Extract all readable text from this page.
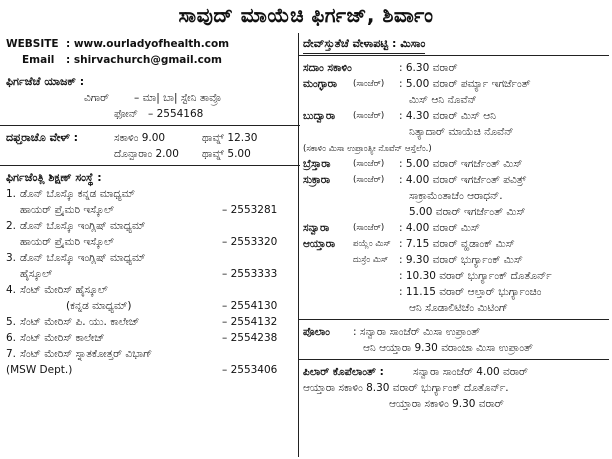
ಸಾವುದ್ ಮಾಯೆಚಿ ಫಿರ್ಗಜ್, ಶಿರ್ವಾಂ
WEBSITE : www.ourladyofhealth.com
Email : shirvachurch@gmail.com
ಫಿರ್ಗಜೆಚೆ ಯಾಜಕ್ :
ವಿಗಾರ್ – ಮಾ| ಬಾ| ಸ್ಟೇನಿ ತಾವ್ರೊ
ಫೋನ್ – 2554168
ದಫ್ತರಾಚೊ ವೇಳ್ :	ಸಕಾಳಿಂ 9.00	ಥಾವ್ನ್ 12.30
ದೊನ್ಪಾರಾಂ 2.00 ಥಾವ್ನ್ 5.00
ಫಿರ್ಗಜೆಂತ್ಲಿ ಶಿಕ್ಷಣ್ ಸಂಸ್ಥೆ :
1. ಡೊನ್ ಬೊಸ್ಕೊ ಕನ್ನಡ ಮಾಧ್ಯಮ್
ಹಾಯರ್ ಪ್ರೈಮರಿ ಇಸ್ಕೊಲ್	– 2553281
2. ಡೊನ್ ಬೊಸ್ಕೊ ಇಂಗ್ಲಿಷ್ ಮಾಧ್ಯಮ್
ಹಾಯರ್ ಪ್ರೈಮರಿ ಇಸ್ಕೊಲ್	– 2553320
3. ಡೊನ್ ಬೊಸ್ಕೊ ಇಂಗ್ಲಿಷ್ ಮಾಧ್ಯಮ್
ಹೈಸ್ಕೂಲ್	– 2553333
4. ಸೆಂಟ್ ಮೇರಿಸ್ ಹೈಸ್ಕೂಲ್
(ಕನ್ನಡ ಮಾಧ್ಯಮ್)	– 2554130
5. ಸೆಂಟ್ ಮೇರಿಸ್ ಪಿ. ಯು. ಕಾಲೇಜ್	– 2554132
6. ಸೆಂಟ್ ಮೇರಿಸ್ ಕಾಲೇಜ್	– 2554238
7. ಸೆಂಟ್ ಮೇರಿಸ್ ಸ್ನಾತಕೋತ್ತರ್ ವಿಭಾಗ್
(MSW Dept.)	– 2553406
ದೇವ್‌ಸ್ತುತೆಚೆ ವೇಳಾಪಟ್ಟಿ : ಮಿಸಾಂ
ಸದಾಂ ಸಕಾಳಿಂ	: 6.30 ವರಾರ್
ಮಂಗ್ಳಾರಾ (ಸಾಂಜೆರ್) : 5.00 ವರಾರ್ ಪರ್ಮ್ಯಾ ಇಗರ್ಜೆಂತ್
ಮಿಸ್ ಆನಿ ನೊವೆನ್
ಬುದ್ವಾರಾ (ಸಾಂಜೆರ್) : 4.30 ವರಾರ್ ಮಿಸ್ ಆನಿ
ನಿತ್ಯಾದಾರ್ ಮಾಯೆಚಿ ನೊವೆನ್
(ಸಕಾಳಿಂ ಮಿಸಾ ಉಪ್ರಾಂತ್ಯೀ ನೊವೆನ್ ಆಸ್ತೆಲೆಂ.)
ಬ್ರೆಸ್ತಾರಾ	(ಸಾಂಜೆರ್) : 5.00 ವರಾರ್ ಇಗರ್ಜೆಂತ್ ಮಿಸ್
ಸುಕ್ರಾರಾ	(ಸಾಂಜೆರ್) : 4.00 ವರಾರ್ ಇಗರ್ಜೆಂತ್ ಪವಿತ್ರ್
ಸಾಕ್ರಾಮೆಂತಾಚೆಂ ಆರಾಧನ್.
5.00 ವರಾರ್ ಇಗರ್ಜೆಂತ್ ಮಿಸ್
ಸನ್ವಾರಾ	(ಸಾಂಜೆರ್) : 4.00 ವರಾರ್ ಮಿಸ್
ಆಯ್ತಾರಾ ಪಯ್ಲೆಂ ಮಿಸ್ : 7.15 ವರಾರ್ ವ್ಹಡಾಂಕ್ ಮಿಸ್
ದುಸ್ರೆಂ ಮಿಸ್ : 9.30 ವರಾರ್ ಭುರ್ಗ್ಯಾಂಕ್ ಮಿಸ್
: 10.30 ವರಾರ್ ಭುರ್ಗ್ಯಾಂಕ್ ದೊತೊರ್ನ್
: 11.15 ವರಾರ್ ಆಲ್ತಾರ್ ಭುರ್ಗ್ಯಾಂಚಿಂ
ಆನಿ ಸೊಡಾಲಿಟಿಚೆಂ ಮಿಟಿಂಗ್
ಪೊಲಾಂ : ಸನ್ವಾರಾ ಸಾಂಜೆರ್ ಮಿಸಾ ಉಪ್ರಾಂತ್
ಆನಿ ಆಯ್ತಾರಾ 9.30 ವರಾಂಚಾ ಮಿಸಾ ಉಪ್ರಾಂತ್
ಪಿಲಾರ್ ಕೊಪೆಲಾಂತ್ :	ಸನ್ವಾರಾ ಸಾಂಜೆರ್ 4.00 ವರಾರ್
ಆಯ್ತಾರಾ ಸಕಾಳಿಂ 8.30 ವರಾರ್ ಭುರ್ಗ್ಯಾಂಕ್ ದೊತೊರ್ನ್.
ಆಯ್ತಾರಾ ಸಕಾಳಿಂ 9.30 ವರಾರ್
